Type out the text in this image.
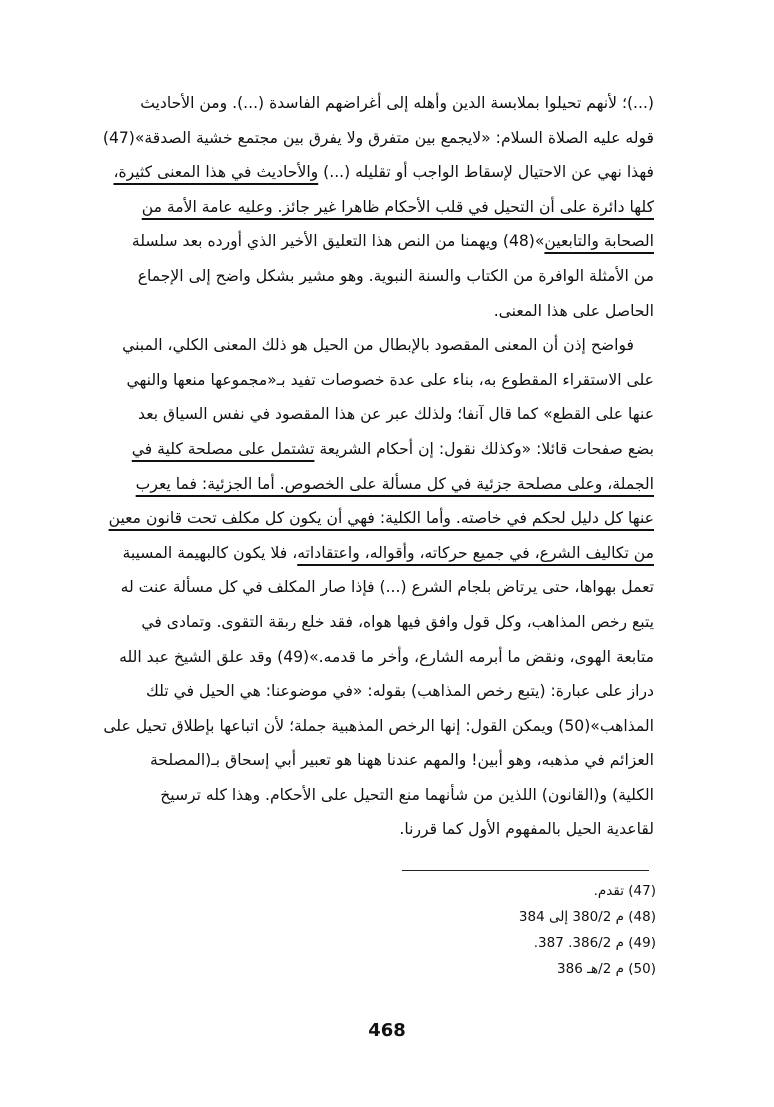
(...)؛ لأنهم تحيلوا بملابسة الدين وأهله إلى أغراضهم الفاسدة (...). ومن الأحاديث
قوله عليه الصلاة السلام: «لايجمع بين متفرق ولا يفرق بين مجتمع خشية الصدقة»(47)
فهذا نهي عن الاحتيال لإسقاط الواجب أو تقليله (...) والأحاديث في هذا المعنى كثيرة،
كلها دائرة على أن التحيل في قلب الأحكام ظاهرا غير جائز. وعليه عامة الأمة من
الصحابة والتابعين»(48) ويهمنا من النص هذا التعليق الأخير الذي أورده بعد سلسلة
من الأمثلة الوافرة من الكتاب والسنة النبوية. وهو مشير بشكل واضح إلى الإجماع
الحاصل على هذا المعنى.
فواضح إذن أن المعنى المقصود بالإبطال من الحيل هو ذلك المعنى الكلي، المبني
على الاستقراء المقطوع به، بناء على عدة خصوصات تفيد بـ«مجموعها منعها والنهي
عنها على القطع» كما قال آنفا؛ ولذلك عبر عن هذا المقصود في نفس السياق بعد
بضع صفحات قائلا: «وكذلك نقول: إن أحكام الشريعة تشتمل على مصلحة كلية في
الجملة، وعلى مصلحة جزئية في كل مسألة على الخصوص. أما الجزئية: فما يعرب
عنها كل دليل لحكم في خاصته. وأما الكلية: فهي أن يكون كل مكلف تحت قانون معين
من تكاليف الشرع، في جميع حركاته، وأقواله، واعتقاداته، فلا يكون كالبهيمة المسيبة
تعمل بهواها، حتى يرتاض بلجام الشرع (...) فإذا صار المكلف في كل مسألة عنت له
يتبع رخص المذاهب، وكل قول وافق فيها هواه، فقد خلع ربقة التقوى. وتمادى في
متابعة الهوى، ونقض ما أبرمه الشارع، وأخر ما قدمه.»(49) وقد علق الشيخ عبد الله
دراز على عبارة: (يتبع رخص المذاهب) بقوله: «في موضوعنا: هي الحيل في تلك
المذاهب»(50) ويمكن القول: إنها الرخص المذهبية جملة؛ لأن اتباعها بإطلاق تحيل على
العزائم في مذهبه، وهو أبين! والمهم عندنا ههنا هو تعبير أبي إسحاق بـ(المصلحة
الكلية) و(القانون) اللذين من شأنهما منع التحيل على الأحكام. وهذا كله ترسيخ
لقاعدية الحيل بالمفهوم الأول كما قررنا.
(47) تقدم.
(48) م 380/2 إلى 384
(49) م 386/2. 387.
(50) م 2/هـ 386
468
